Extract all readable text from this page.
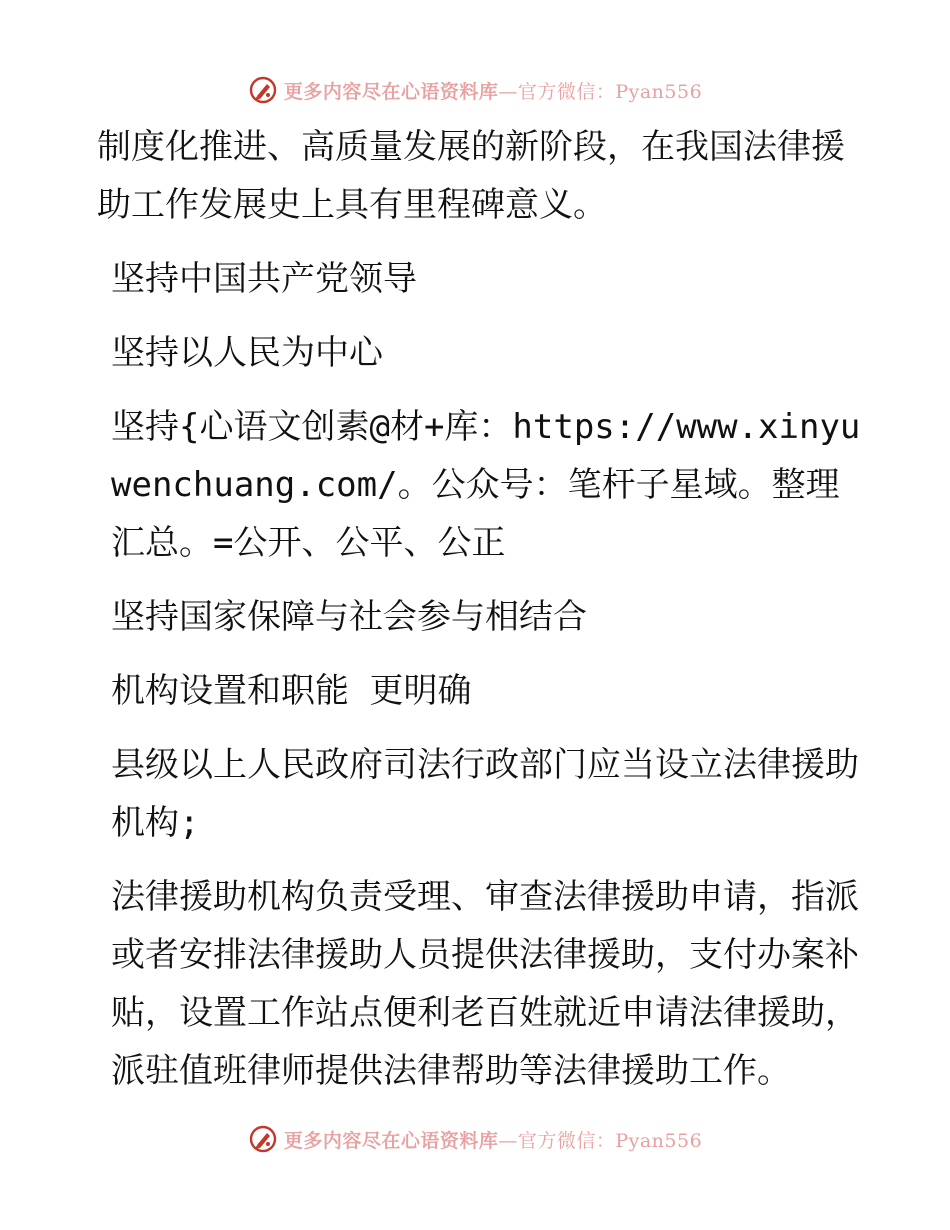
更多内容尽在心语资料库—官方微信：Pyan556

制度化推进、高质量发展的新阶段，在我国法律援助工作发展史上具有里程碑意义。

坚持中国共产党领导

坚持以人民为中心

坚持{心语文创素@材+库：https://www.xinyuwenchuang.com/。公众号：笔杆子星域。整理汇总。=公开、公平、公正

坚持国家保障与社会参与相结合

机构设置和职能 更明确

县级以上人民政府司法行政部门应当设立法律援助机构;

法律援助机构负责受理、审查法律援助申请，指派或者安排法律援助人员提供法律援助，支付办案补贴，设置工作站点便利老百姓就近申请法律援助，派驻值班律师提供法律帮助等法律援助工作。

更多内容尽在心语资料库—官方微信：Pyan556
